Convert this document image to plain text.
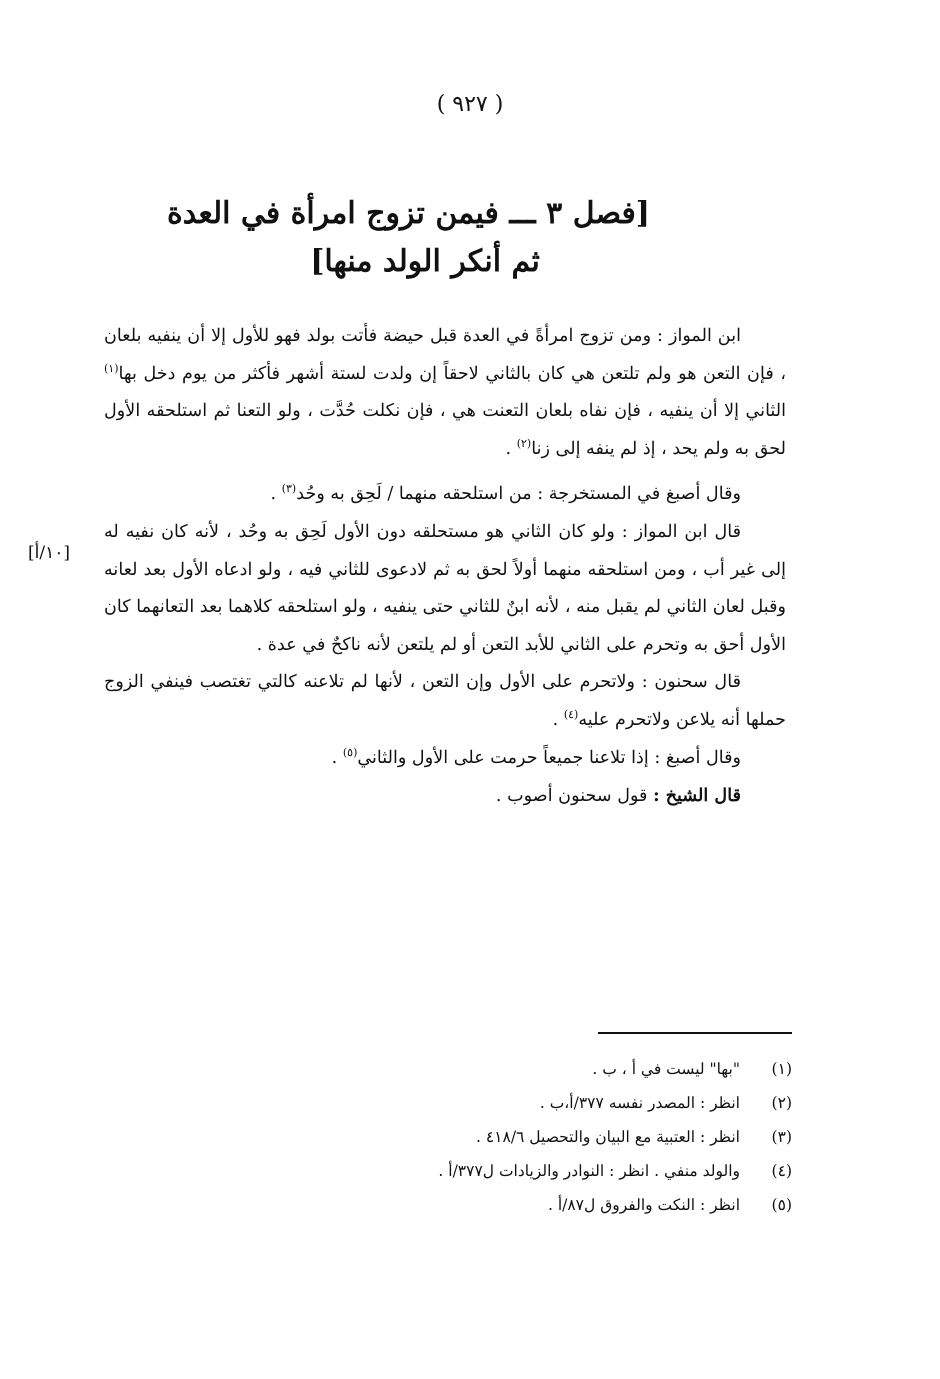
( ٩٢٧ )
[فصل ٣ ـــ فيمن تزوج امرأة في العدة
ثم أنكر الولد منها]
[١٠/أ]

ابن المواز : ومن تزوج امرأةً في العدة قبل حيضة فأتت بولد فهو للأول إلا أن ينفيه بلعان ، فإن التعن هو ولم تلتعن هي كان بالثاني لاحقاً إن ولدت لستة أشهر فأكثر من يوم دخل بها$^{(١)}$ الثاني إلا أن ينفيه ، فإن نفاه بلعان التعنت هي ، فإن نكلت حُدَّت ، ولو التعنا ثم استلحقه الأول لحق به ولم يحد ، إذ لم ينفه إلى زنا$^{(٢)}$ .

وقال أصبغ في المستخرجة : من استلحقه منهما / لَحِق به وحُد$^{(٣)}$ .

قال ابن المواز : ولو كان الثاني هو مستحلقه دون الأول لَحِق به وحُد ، لأنه كان نفيه له إلى غير أب ، ومن استلحقه منهما أولاً لحق به ثم لادعوى للثاني فيه ، ولو ادعاه الأول بعد لعانه وقبل لعان الثاني لم يقبل منه ، لأنه ابنٌ للثاني حتى ينفيه ، ولو استلحقه كلاهما بعد التعانهما كان الأول أحق به وتحرم على الثاني للأبد التعن أو لم يلتعن لأنه ناكحٌ في عدة .

قال سحنون : ولاتحرم على الأول وإن التعن ، لأنها لم تلاعنه كالتي تغتصب فينفي الزوج حملها أنه يلاعن ولاتحرم عليه$^{(٤)}$ .

وقال أصبغ : إذا تلاعنا جميعاً حرمت على الأول والثاني$^{(٥)}$ .

قال الشيخ : قول سحنون أصوب .

(١)
"بها" ليست في أ ، ب .
(٢)
انظر : المصدر نفسه ٣٧٧/أ،ب .
(٣)
انظر : العتبية مع البيان والتحصيل ٤١٨/٦ .
(٤)
والولد منفي . انظر : النوادر والزيادات ل٣٧٧/أ .
(٥)
انظر : النكت والفروق ل٨٧/أ .
